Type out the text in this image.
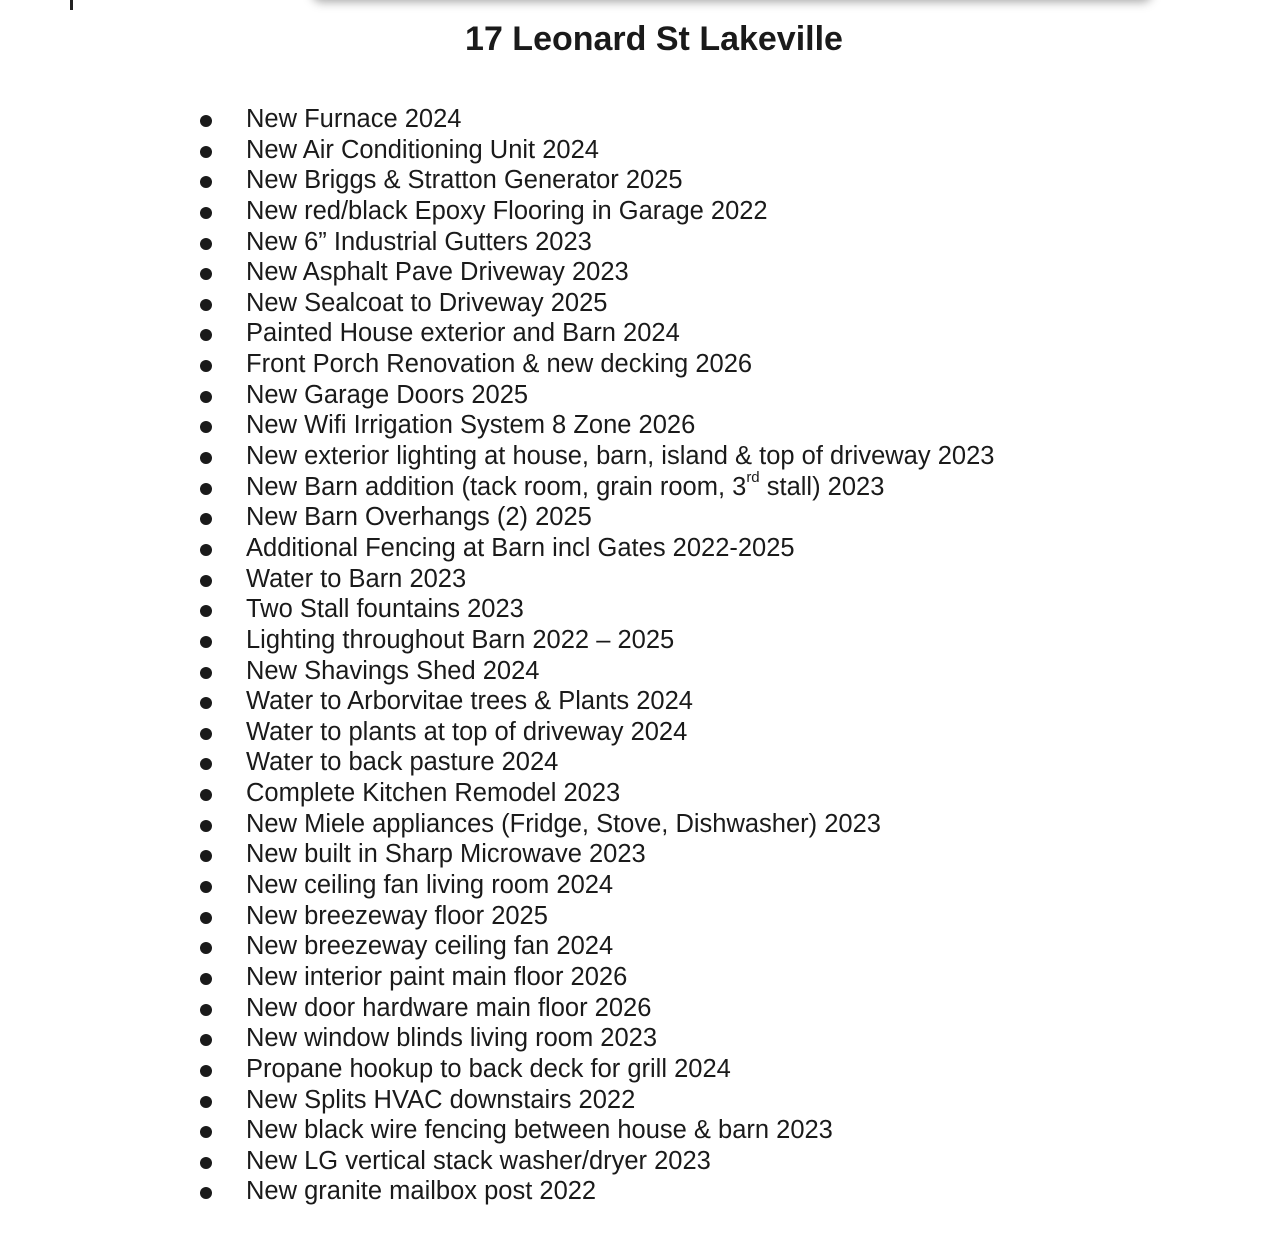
17 Leonard St Lakeville
New Furnace 2024
New Air Conditioning Unit 2024
New Briggs & Stratton Generator 2025
New red/black Epoxy Flooring in Garage 2022
New 6” Industrial Gutters 2023
New Asphalt Pave Driveway 2023
New Sealcoat to Driveway 2025
Painted House exterior and Barn 2024
Front Porch Renovation & new decking 2026
New Garage Doors 2025
New Wifi Irrigation System 8 Zone 2026
New exterior lighting at house, barn, island & top of driveway 2023
New Barn addition (tack room, grain room, 3rd stall) 2023
New Barn Overhangs (2) 2025
Additional Fencing at Barn incl Gates 2022-2025
Water to Barn 2023
Two Stall fountains 2023
Lighting throughout Barn 2022 – 2025
New Shavings Shed 2024
Water to Arborvitae trees & Plants 2024
Water to plants at top of driveway 2024
Water to back pasture 2024
Complete Kitchen Remodel 2023
New Miele appliances (Fridge, Stove, Dishwasher) 2023
New built in Sharp Microwave 2023
New ceiling fan living room 2024
New breezeway floor 2025
New breezeway ceiling fan 2024
New interior paint main floor 2026
New door hardware main floor 2026
New window blinds living room 2023
Propane hookup to back deck for grill 2024
New Splits HVAC downstairs 2022
New black wire fencing between house & barn 2023
New LG vertical stack washer/dryer 2023
New granite mailbox post 2022
